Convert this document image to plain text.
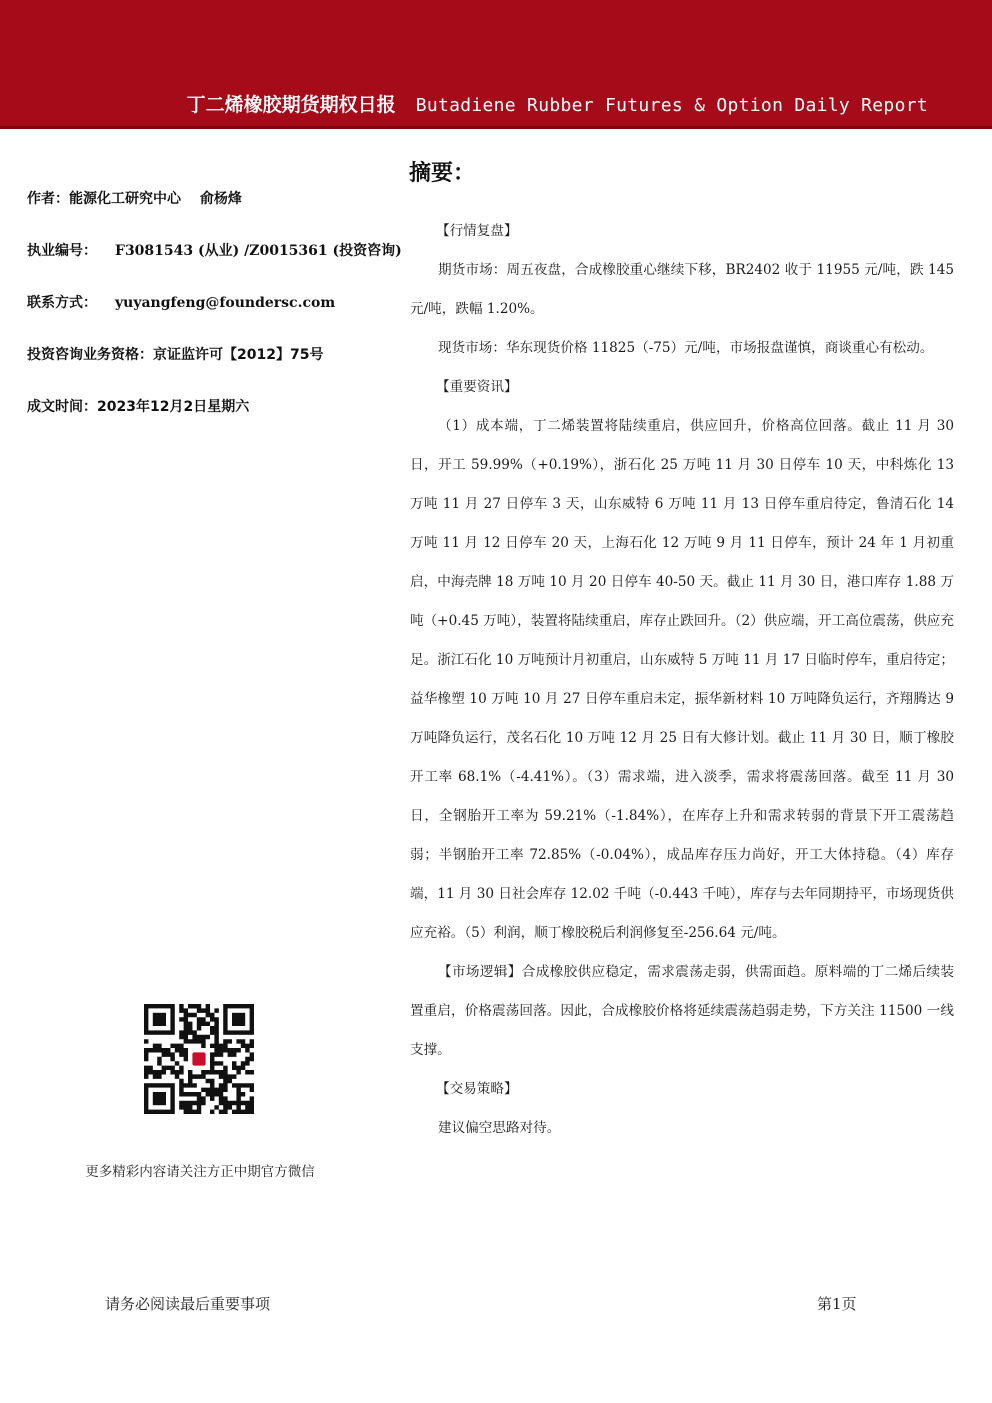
丁二烯橡胶期货期权日报 Butadiene Rubber Futures & Option Daily Report
作者：能源化工研究中心　 俞杨烽
执业编号： F3081543 (从业) /Z0015361 (投资咨询)
联系方式： yuyangfeng@foundersc.com
投资咨询业务资格：京证监许可【2012】75号
成文时间：2023年12月2日星期六
更多精彩内容请关注方正中期官方微信
摘要：

【行情复盘】

期货市场：周五夜盘，合成橡胶重心继续下移，BR2402 收于 11955 元/吨，跌 145 元/吨，跌幅 1.20%。

现货市场：华东现货价格 11825（-75）元/吨，市场报盘谨慎，商谈重心有松动。

【重要资讯】

（1）成本端，丁二烯装置将陆续重启，供应回升，价格高位回落。截止 11 月 30 日，开工 59.99%（+0.19%），浙石化 25 万吨 11 月 30 日停车 10 天，中科炼化 13 万吨 11 月 27 日停车 3 天，山东威特 6 万吨 11 月 13 日停车重启待定，鲁清石化 14 万吨 11 月 12 日停车 20 天，上海石化 12 万吨 9 月 11 日停车，预计 24 年 1 月初重启，中海壳牌 18 万吨 10 月 20 日停车 40-50 天。截止 11 月 30 日，港口库存 1.88 万吨（+0.45 万吨），装置将陆续重启，库存止跌回升。（2）供应端，开工高位震荡，供应充足。浙江石化 10 万吨预计月初重启，山东威特 5 万吨 11 月 17 日临时停车，重启待定；益华橡塑 10 万吨 10 月 27 日停车重启未定，振华新材料 10 万吨降负运行，齐翔腾达 9 万吨降负运行，茂名石化 10 万吨 12 月 25 日有大修计划。截止 11 月 30 日，顺丁橡胶开工率 68.1%（-4.41%）。（3）需求端，进入淡季，需求将震荡回落。截至 11 月 30 日，全钢胎开工率为 59.21%（-1.84%），在库存上升和需求转弱的背景下开工震荡趋弱；半钢胎开工率 72.85%（-0.04%），成品库存压力尚好，开工大体持稳。（4）库存端，11 月 30 日社会库存 12.02 千吨（-0.443 千吨），库存与去年同期持平，市场现货供应充裕。（5）利润，顺丁橡胶税后利润修复至-256.64 元/吨。

【市场逻辑】合成橡胶供应稳定，需求震荡走弱，供需面趋。原料端的丁二烯后续装置重启，价格震荡回落。因此，合成橡胶价格将延续震荡趋弱走势，下方关注 11500 一线支撑。

【交易策略】

建议偏空思路对待。

请务必阅读最后重要事项	第1页
